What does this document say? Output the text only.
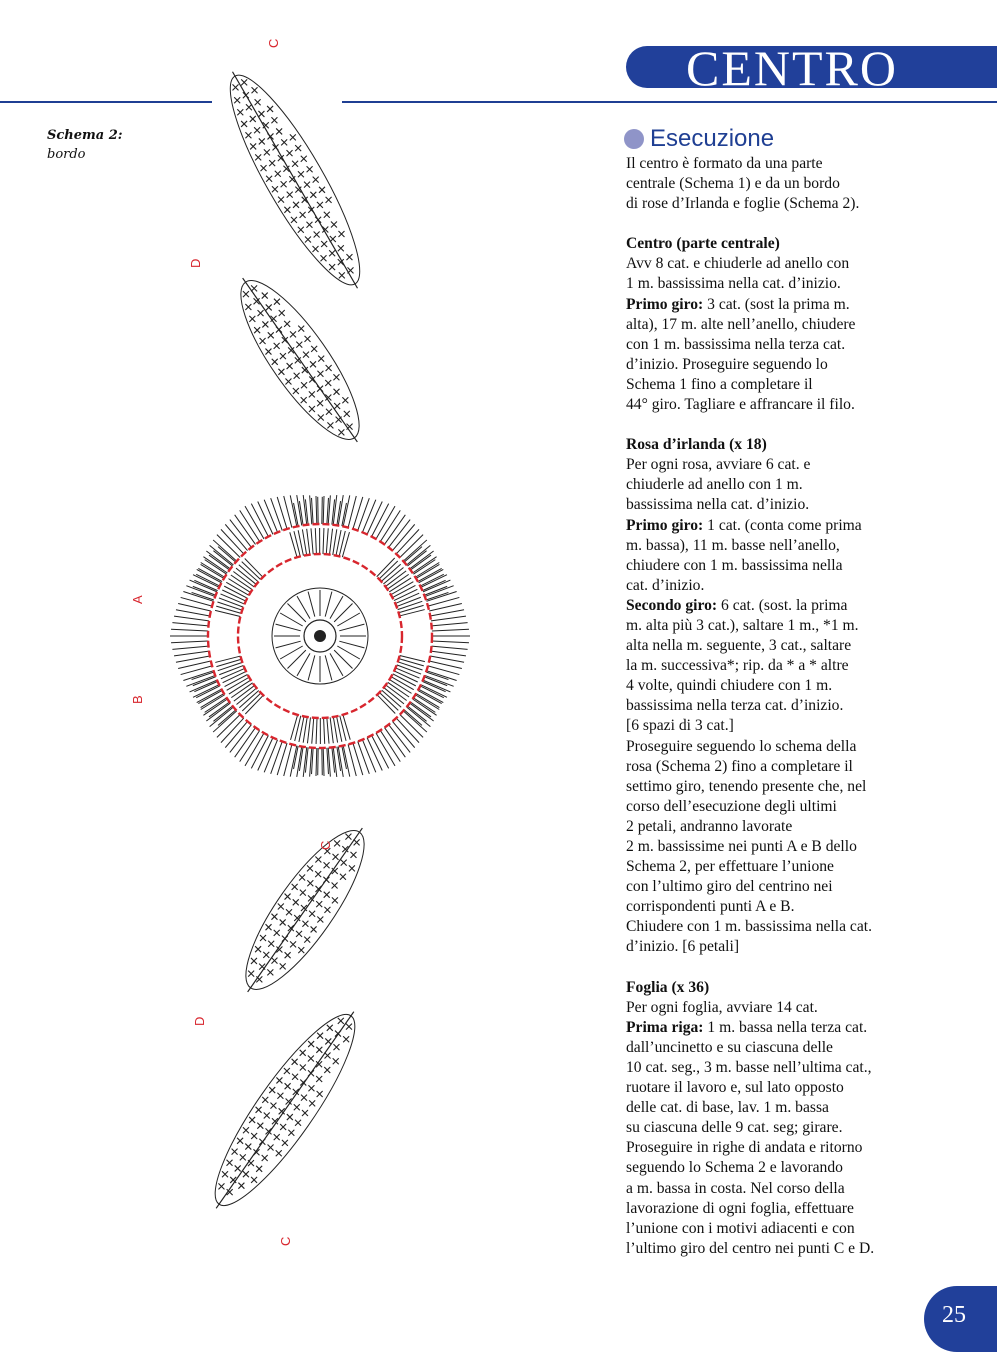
CENTRO
Schema 2:
bordo
C
D
A
B
C
D
C
Esecuzione

Il centro è formato da una parte

centrale (Schema 1) e da un bordo

di rose d’Irlanda e foglie (Schema 2).

Centro (parte centrale)

Avv 8 cat. e chiuderle ad anello con

1 m. bassissima nella cat. d’inizio.

Primo giro: 3 cat. (sost la prima m.

alta), 17 m. alte nell’anello, chiudere

con 1 m. bassissima nella terza cat.

d’inizio. Proseguire seguendo lo

Schema 1 fino a completare il

44° giro. Tagliare e affrancare il filo.

Rosa d’irlanda (x 18)

Per ogni rosa, avviare 6 cat. e

chiuderle ad anello con 1 m.

bassissima nella cat. d’inizio.

Primo giro: 1 cat. (conta come prima

m. bassa), 11 m. basse nell’anello,

chiudere con 1 m. bassissima nella

cat. d’inizio.

Secondo giro: 6 cat. (sost. la prima

m. alta più 3 cat.), saltare 1 m., *1 m.

alta nella m. seguente, 3 cat., saltare

la m. successiva*; rip. da * a * altre

4 volte, quindi chiudere con 1 m.

bassissima nella terza cat. d’inizio.

[6 spazi di 3 cat.]

Proseguire seguendo lo schema della

rosa (Schema 2) fino a completare il

settimo giro, tenendo presente che, nel

corso dell’esecuzione degli ultimi

2 petali, andranno lavorate

2 m. bassissime nei punti A e B dello

Schema 2, per effettuare l’unione

con l’ultimo giro del centrino nei

corrispondenti punti A e B.

Chiudere con 1 m. bassissima nella cat.

d’inizio. [6 petali]

Foglia (x 36)

Per ogni foglia, avviare 14 cat.

Prima riga: 1 m. bassa nella terza cat.

dall’uncinetto e su ciascuna delle

10 cat. seg., 3 m. basse nell’ultima cat.,

ruotare il lavoro e, sul lato opposto

delle cat. di base, lav. 1 m. bassa

su ciascuna delle 9 cat. seg; girare.

Proseguire in righe di andata e ritorno

seguendo lo Schema 2 e lavorando

a m. bassa in costa. Nel corso della

lavorazione di ogni foglia, effettuare

l’unione con i motivi adiacenti e con

l’ultimo giro del centro nei punti C e D.

25
